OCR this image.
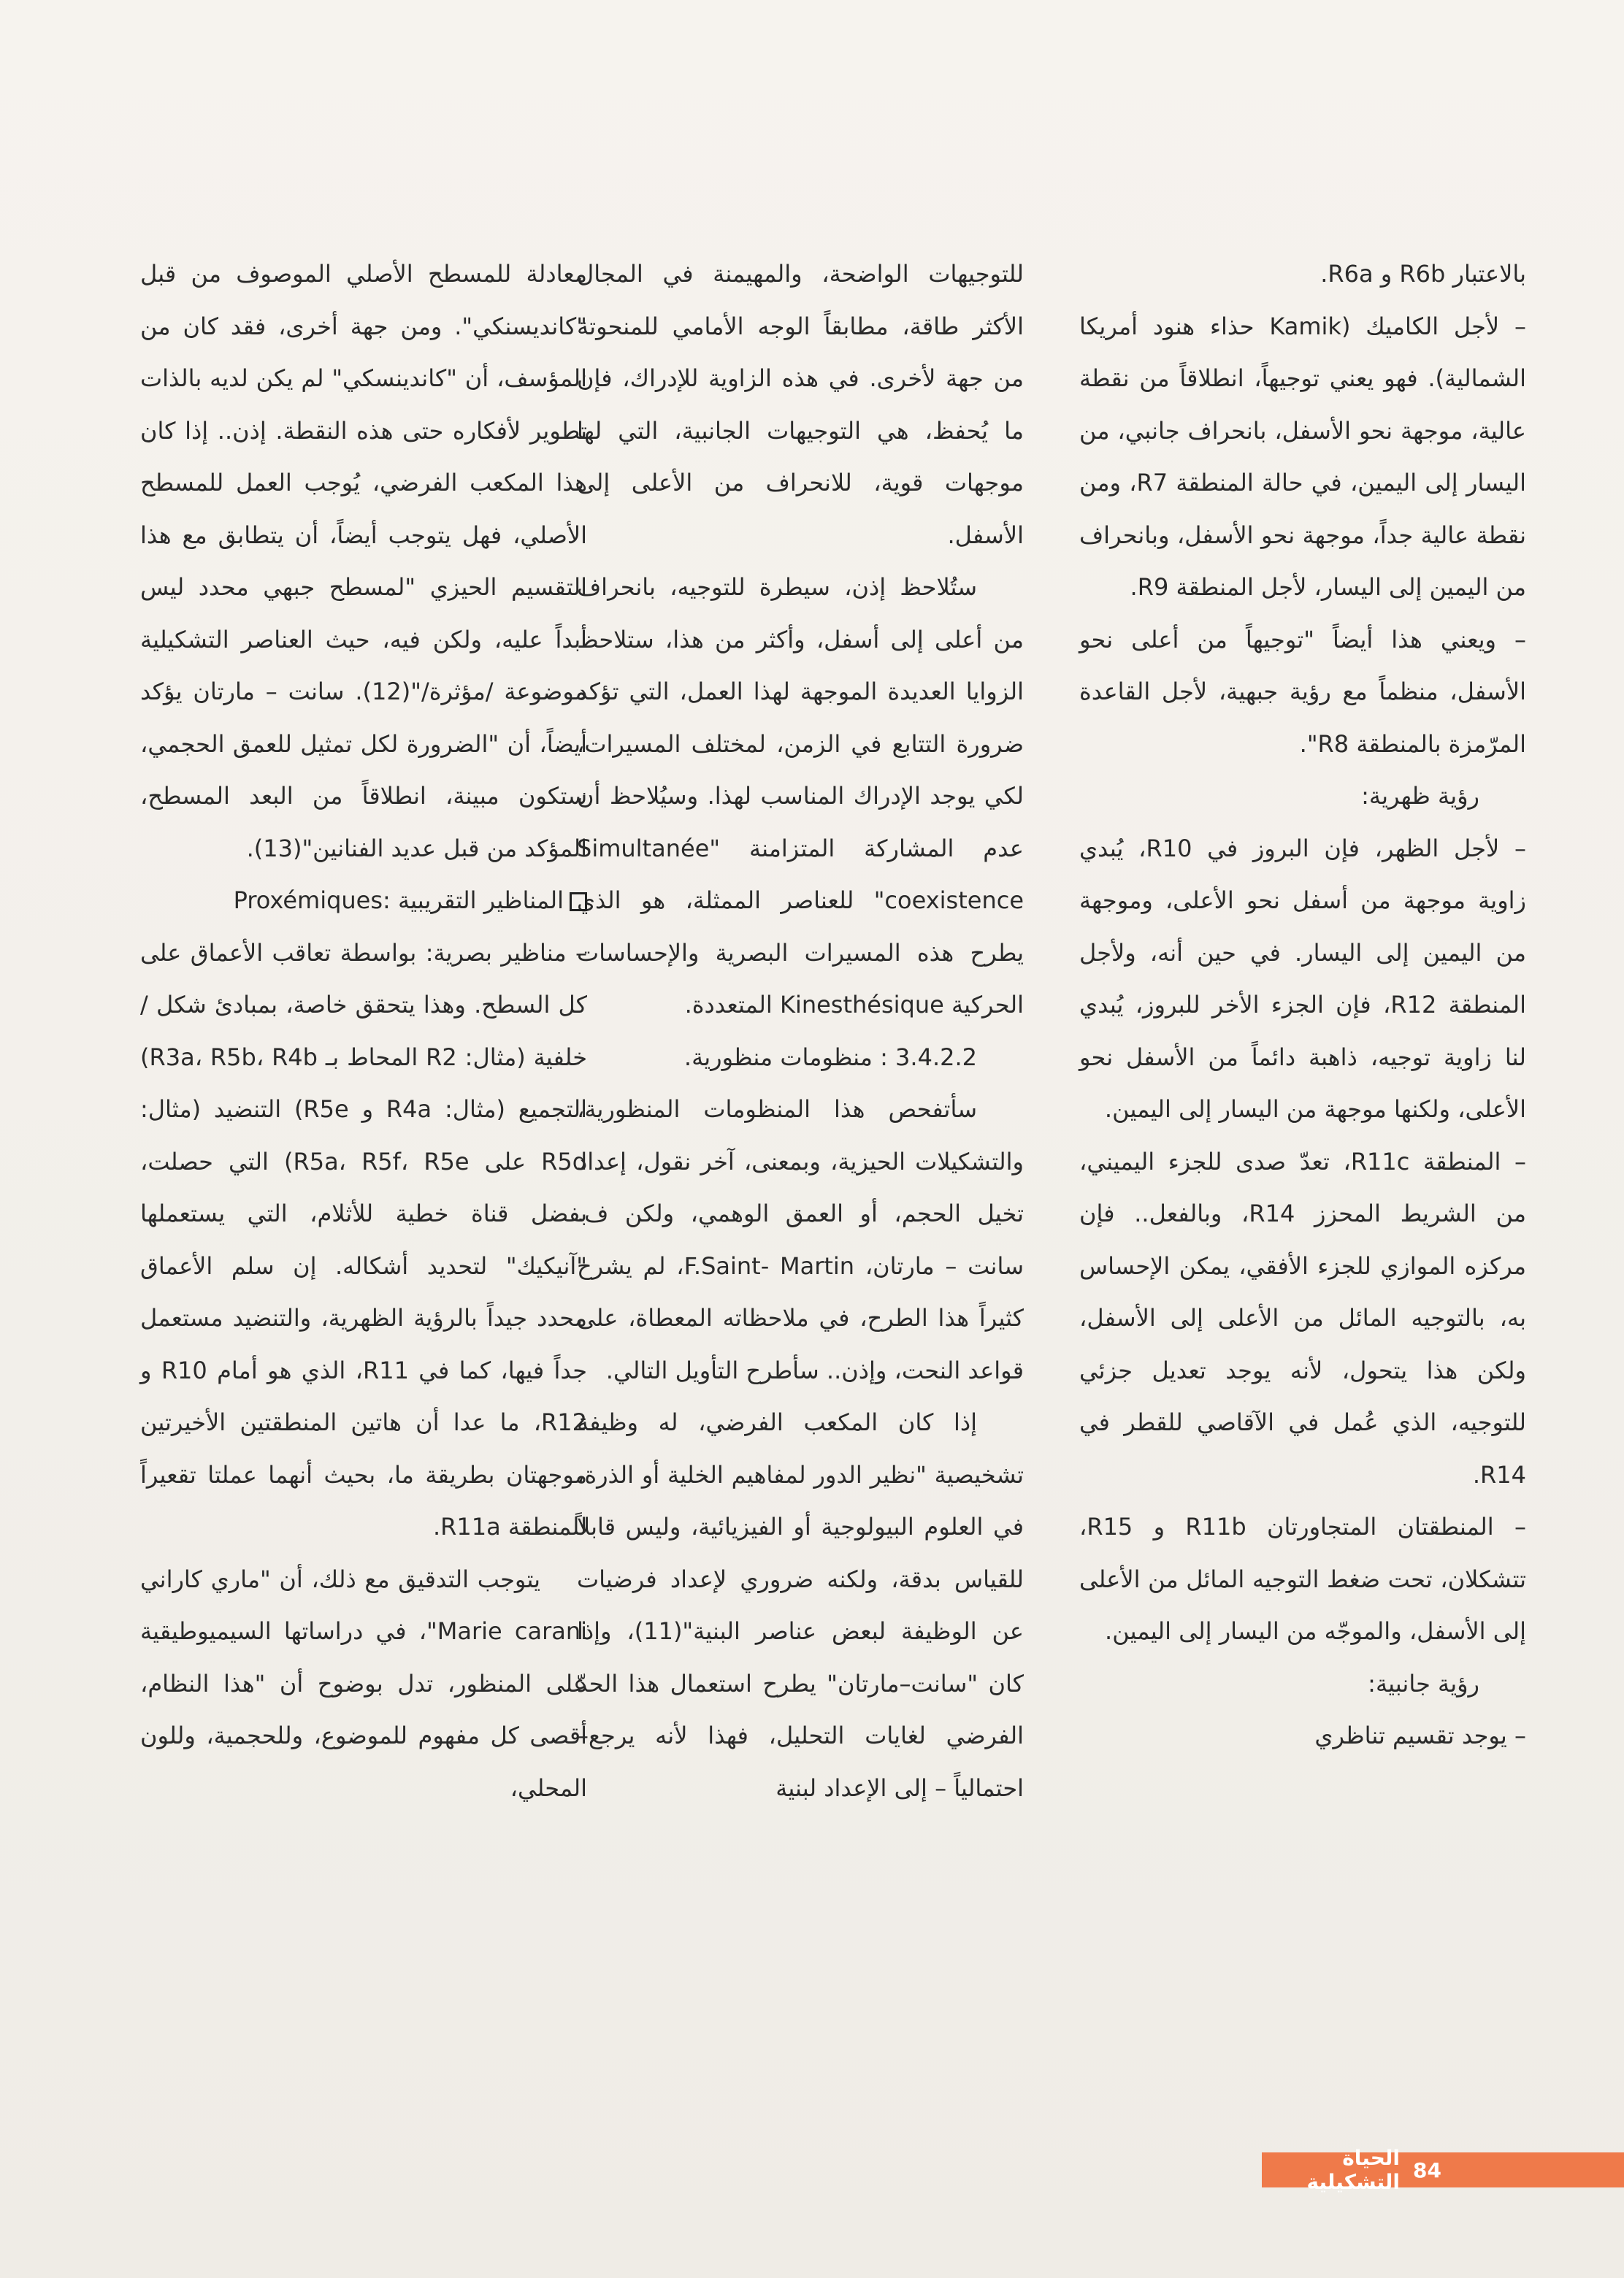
بالاعتبار R6b و R6a.

– لأجل الكاميك (Kamik حذاء هنود أمريكا الشمالية). فهو يعني توجيهاً، انطلاقاً من نقطة عالية، موجهة نحو الأسفل، بانحراف جانبي، من اليسار إلى اليمين، في حالة المنطقة R7، ومن نقطة عالية جداً، موجهة نحو الأسفل، وبانحراف من اليمين إلى اليسار، لأجل المنطقة R9.

– ويعني هذا أيضاً "توجيهاً من أعلى نحو الأسفل، منظماً مع رؤية جبهية، لأجل القاعدة المرّمزة بالمنطقة R8".

رؤية ظهرية:

– لأجل الظهر، فإن البروز في R10، يُبدي زاوية موجهة من أسفل نحو الأعلى، وموجهة من اليمين إلى اليسار. في حين أنه، ولأجل المنطقة R12، فإن الجزء الأخر للبروز، يُبدي لنا زاوية توجيه، ذاهبة دائماً من الأسفل نحو الأعلى، ولكنها موجهة من اليسار إلى اليمين.

– المنطقة R11c، تعدّ صدى للجزء اليميني، من الشريط المحزز R14، وبالفعل.. فإن مركزه الموازي للجزء الأفقي، يمكن الإحساس به، بالتوجيه المائل من الأعلى إلى الأسفل، ولكن هذا يتحول، لأنه يوجد تعديل جزئي للتوجيه، الذي عُمل في الآقاصي للقطر في R14.

– المنطقتان المتجاورتان R11b و R15، تتشكلان، تحت ضغط التوجيه المائل من الأعلى إلى الأسفل، والموجّه من اليسار إلى اليمين.

رؤية جانبية:

– يوجد تقسيم تناظري

للتوجيهات الواضحة، والمهيمنة في المجال الأكثر طاقة، مطابقاً الوجه الأمامي للمنحوتة من جهة لأخرى. في هذه الزاوية للإدراك، فإن ما يُحفظ، هي التوجيهات الجانبية، التي لها موجهات قوية، للانحراف من الأعلى إلى الأسفل.

ستُلاحظ إذن، سيطرة للتوجيه، بانحراف من أعلى إلى أسفل، وأكثر من هذا، ستلاحظ الزوايا العديدة الموجهة لهذا العمل، التي تؤكد ضرورة التتابع في الزمن، لمختلف المسيرات، لكي يوجد الإدراك المناسب لهذا. وسيُلاحظ أن عدم المشاركة المتزامنة "Simultanée coexistence" للعناصر الممثلة، هو الذي يطرح هذه المسيرات البصرية والإحساسات الحركية Kinesthésique المتعددة.

3.4.2.2 : منظومات منظورية.

سأتفحص هذا المنظومات المنظورية، والتشكيلات الحيزية، وبمعنى، آخر نقول، إعداد تخيل الحجم، أو العمق الوهمي، ولكن ف. سانت – مارتان، F.Saint- Martin، لم يشرح كثيراً هذا الطرح، في ملاحظاته المعطاة، على قواعد النحت، وإذن.. سأطرح التأويل التالي.

إذا كان المكعب الفرضي، له وظيفة تشخيصية "نظير الدور لمفاهيم الخلية أو الذرة، في العلوم البيولوجية أو الفيزيائية، وليس قابلاً للقياس بدقة، ولكنه ضروري لإعداد فرضيات عن الوظيفة لبعض عناصر البنية"(11)، وإذا كان "سانت–مارتان" يطرح استعمال هذا الحدّ الفرضي لغايات التحليل، فهذا لأنه يرجع– احتمالياً – إلى الإعداد لبنية

معادلة للمسطح الأصلي الموصوف من قبل "كانديسنكي". ومن جهة أخرى، فقد كان من المؤسف، أن "كاندينسكي" لم يكن لديه بالذات تطوير لأفكاره حتى هذه النقطة. إذن.. إذا كان هذا المكعب الفرضي، يُوجب العمل للمسطح الأصلي، فهل يتوجب أيضاً، أن يتطابق مع هذا التقسيم الحيزي "لمسطح جبهي محدد ليس أبداً عليه، ولكن فيه، حيث العناصر التشكيلية موضوعة /مؤثرة/"(12). سانت – مارتان يؤكد أيضاً، أن "الضرورة لكل تمثيل للعمق الحجمي، ستكون مبينة، انطلاقاً من البعد المسطح، المؤكد من قبل عديد الفنانين"(13).

المناظير التقريبية :Proxémiques

– مناظير بصرية: بواسطة تعاقب الأعماق على كل السطح. وهذا يتحقق خاصة، بمبادئ شكل / خلفية (مثال: R2 المحاط بـ R3a، R5b، R4b) التجميع (مثال: R4a و R5e) التنضيد (مثال: R5d على R5a، R5f، R5e) التي حصلت، بفضل قناة خطية للأثلام، التي يستعملها "آنيكيك" لتحديد أشكاله. إن سلم الأعماق محدد جيداً بالرؤية الظهرية، والتنضيد مستعمل جداً فيها، كما في R11، الذي هو أمام R10 و R12، ما عدا أن هاتين المنطقتين الأخيرتين موجهتان بطريقة ما، بحيث أنهما عملتا تقعيراً للمنطقة R11a.

يتوجب التدقيق مع ذلك، أن "ماري كاراني Marie carani"، في دراساتها السيميوطيقية على المنظور، تدل بوضوح أن "هذا النظام، أقصى كل مفهوم للموضوع، وللحجمية، وللون المحلي،

84
الحياة التشكيلية
